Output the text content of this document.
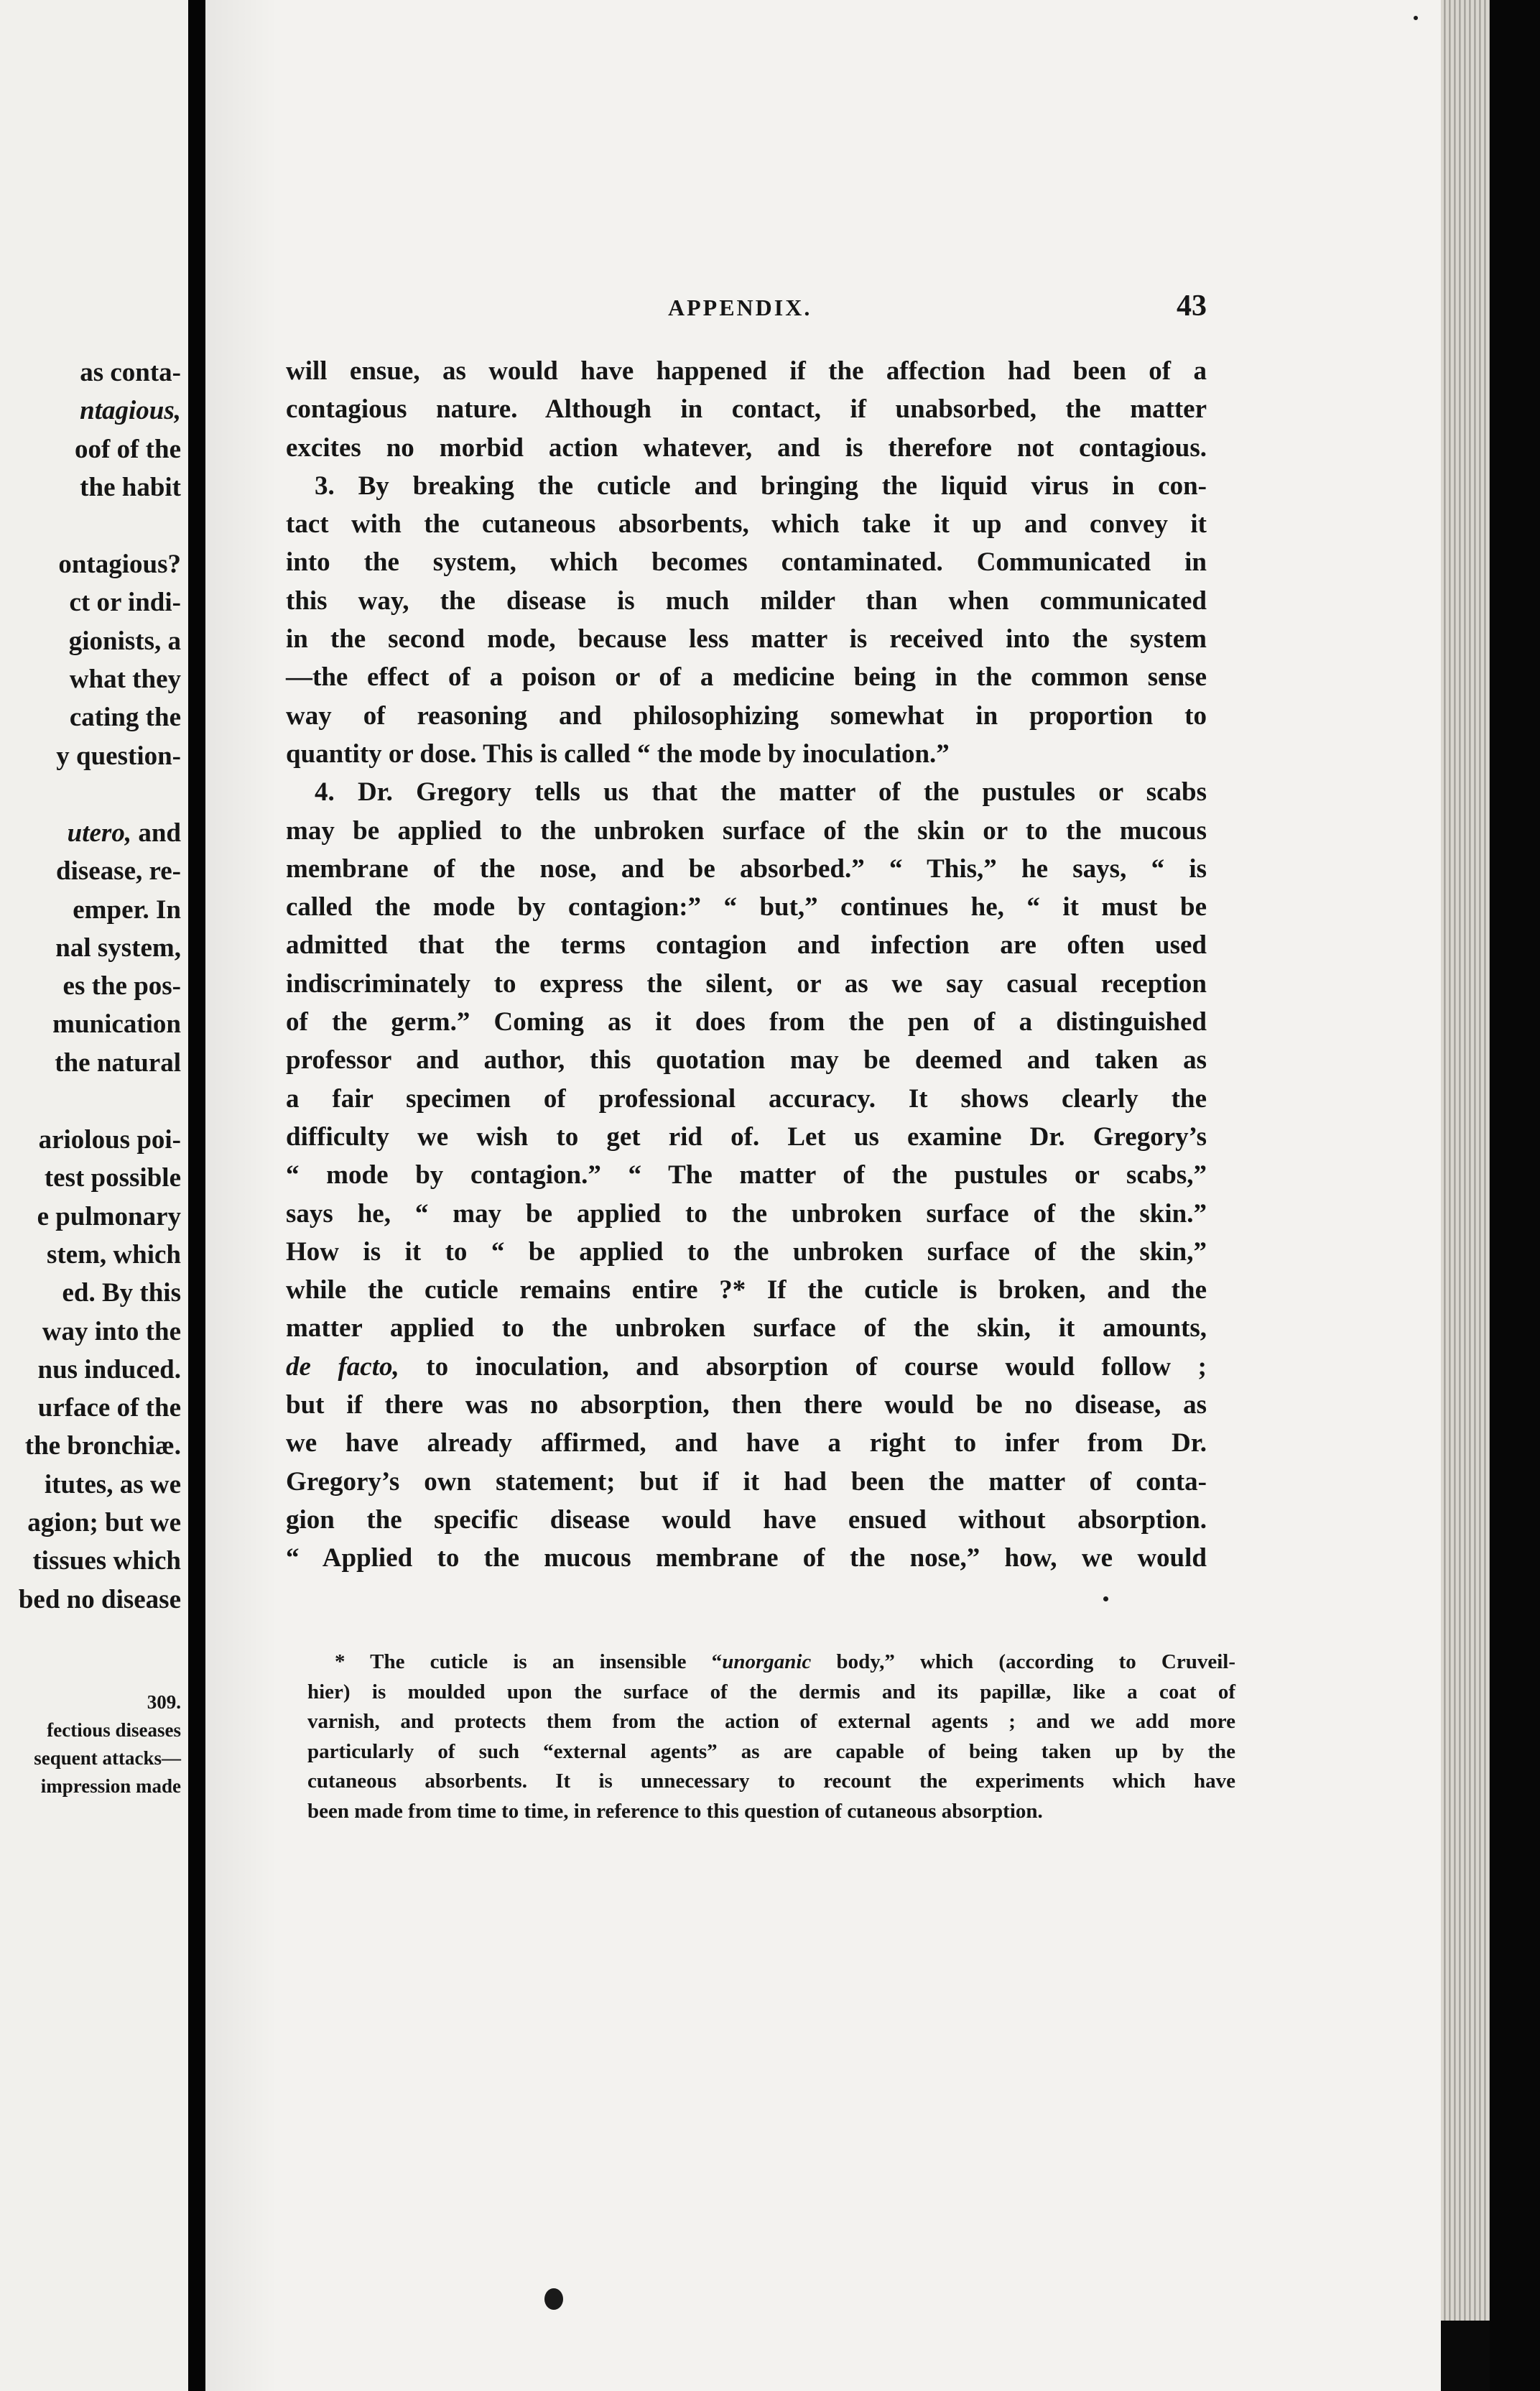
as conta-
ntagious,
oof of the
the habit
ontagious?
ct or indi-
gionists, a
what they
cating the
y question-
utero, and
disease, re-
emper. In
nal system,
es the pos-
munication
the natural
ariolous poi-
test possible
e pulmonary
stem, which
ed. By this
way into the
nus induced.
urface of the
the bronchiæ.
itutes, as we
agion; but we
tissues which
bed no disease
309.
fectious diseases
sequent attacks—
impression made
APPENDIX.	43
will ensue, as would have happened if the affection had been of a
contagious nature. Although in contact, if unabsorbed, the matter
excites no morbid action whatever, and is therefore not contagious.
3. By breaking the cuticle and bringing the liquid virus in con-
tact with the cutaneous absorbents, which take it up and convey it
into the system, which becomes contaminated. Communicated in
this way, the disease is much milder than when communicated
in the second mode, because less matter is received into the system
—the effect of a poison or of a medicine being in the common sense
way of reasoning and philosophizing somewhat in proportion to
quantity or dose. This is called “ the mode by inoculation.”
4. Dr. Gregory tells us that the matter of the pustules or scabs
may be applied to the unbroken surface of the skin or to the mucous
membrane of the nose, and be absorbed.” “ This,” he says, “ is
called the mode by contagion:” “ but,” continues he, “ it must be
admitted that the terms contagion and infection are often used
indiscriminately to express the silent, or as we say casual reception
of the germ.” Coming as it does from the pen of a distinguished
professor and author, this quotation may be deemed and taken as
a fair specimen of professional accuracy. It shows clearly the
difficulty we wish to get rid of. Let us examine Dr. Gregory’s
“ mode by contagion.” “ The matter of the pustules or scabs,”
says he, “ may be applied to the unbroken surface of the skin.”
How is it to “ be applied to the unbroken surface of the skin,”
while the cuticle remains entire ?* If the cuticle is broken, and the
matter applied to the unbroken surface of the skin, it amounts,
de facto, to inoculation, and absorption of course would follow ;
but if there was no absorption, then there would be no disease, as
we have already affirmed, and have a right to infer from Dr.
Gregory’s own statement; but if it had been the matter of conta-
gion the specific disease would have ensued without absorption.
“ Applied to the mucous membrane of the nose,” how, we would
* The cuticle is an insensible “unorganic body,” which (according to Cruveil-
hier) is moulded upon the surface of the dermis and its papillæ, like a coat of
varnish, and protects them from the action of external agents ; and we add more
particularly of such “external agents” as are capable of being taken up by the
cutaneous absorbents. It is unnecessary to recount the experiments which have
been made from time to time, in reference to this question of cutaneous absorption.
